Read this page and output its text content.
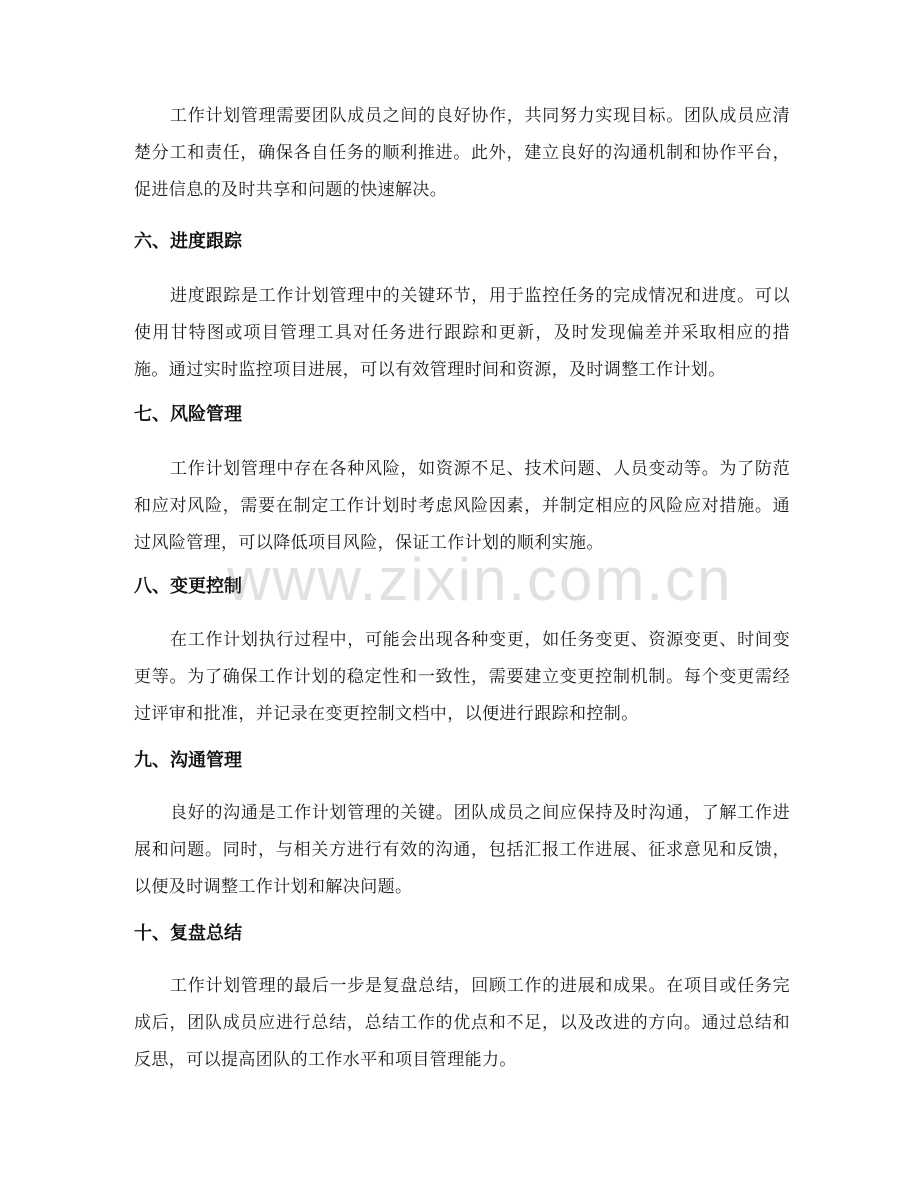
工作计划管理需要团队成员之间的良好协作，共同努力实现目标。团队成员应清楚分工和责任，确保各自任务的顺利推进。此外，建立良好的沟通机制和协作平台，促进信息的及时共享和问题的快速解决。

六、进度跟踪

进度跟踪是工作计划管理中的关键环节，用于监控任务的完成情况和进度。可以使用甘特图或项目管理工具对任务进行跟踪和更新，及时发现偏差并采取相应的措施。通过实时监控项目进展，可以有效管理时间和资源，及时调整工作计划。

七、风险管理

工作计划管理中存在各种风险，如资源不足、技术问题、人员变动等。为了防范和应对风险，需要在制定工作计划时考虑风险因素，并制定相应的风险应对措施。通过风险管理，可以降低项目风险，保证工作计划的顺利实施。

八、变更控制

在工作计划执行过程中，可能会出现各种变更，如任务变更、资源变更、时间变更等。为了确保工作计划的稳定性和一致性，需要建立变更控制机制。每个变更需经过评审和批准，并记录在变更控制文档中，以便进行跟踪和控制。

九、沟通管理

良好的沟通是工作计划管理的关键。团队成员之间应保持及时沟通，了解工作进展和问题。同时，与相关方进行有效的沟通，包括汇报工作进展、征求意见和反馈，以便及时调整工作计划和解决问题。

十、复盘总结

工作计划管理的最后一步是复盘总结，回顾工作的进展和成果。在项目或任务完成后，团队成员应进行总结，总结工作的优点和不足，以及改进的方向。通过总结和反思，可以提高团队的工作水平和项目管理能力。

www.zixin.com.cn
